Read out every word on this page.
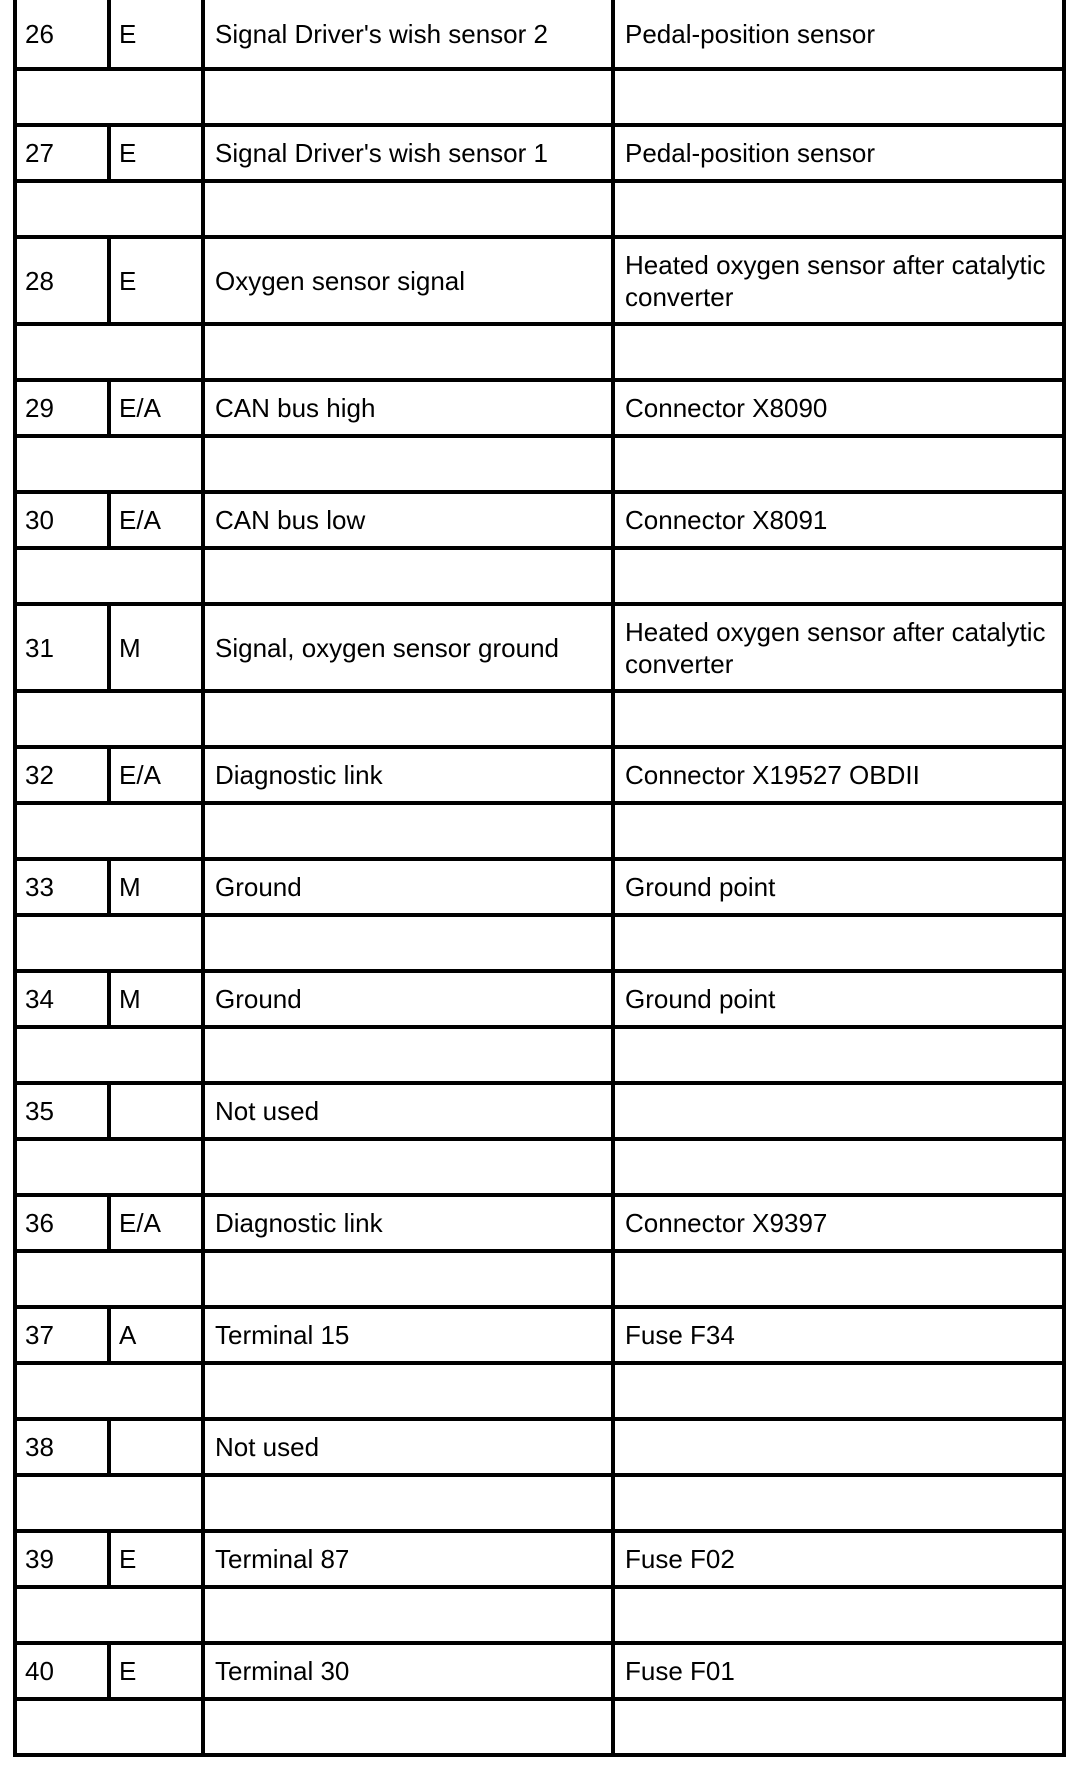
26	E	Signal Driver's wish sensor 2	Pedal-position sensor

27	E	Signal Driver's wish sensor 1	Pedal-position sensor

28	E	Oxygen sensor signal	Heated oxygen sensor after catalytic converter

29	E/A	CAN bus high	Connector X8090

30	E/A	CAN bus low	Connector X8091

31	M	Signal, oxygen sensor ground	Heated oxygen sensor after catalytic converter

32	E/A	Diagnostic link	Connector X19527 OBDII

33	M	Ground	Ground point

34	M	Ground	Ground point

35		Not used	

36	E/A	Diagnostic link	Connector X9397

37	A	Terminal 15	Fuse F34

38		Not used	

39	E	Terminal 87	Fuse F02

40	E	Terminal 30	Fuse F01
